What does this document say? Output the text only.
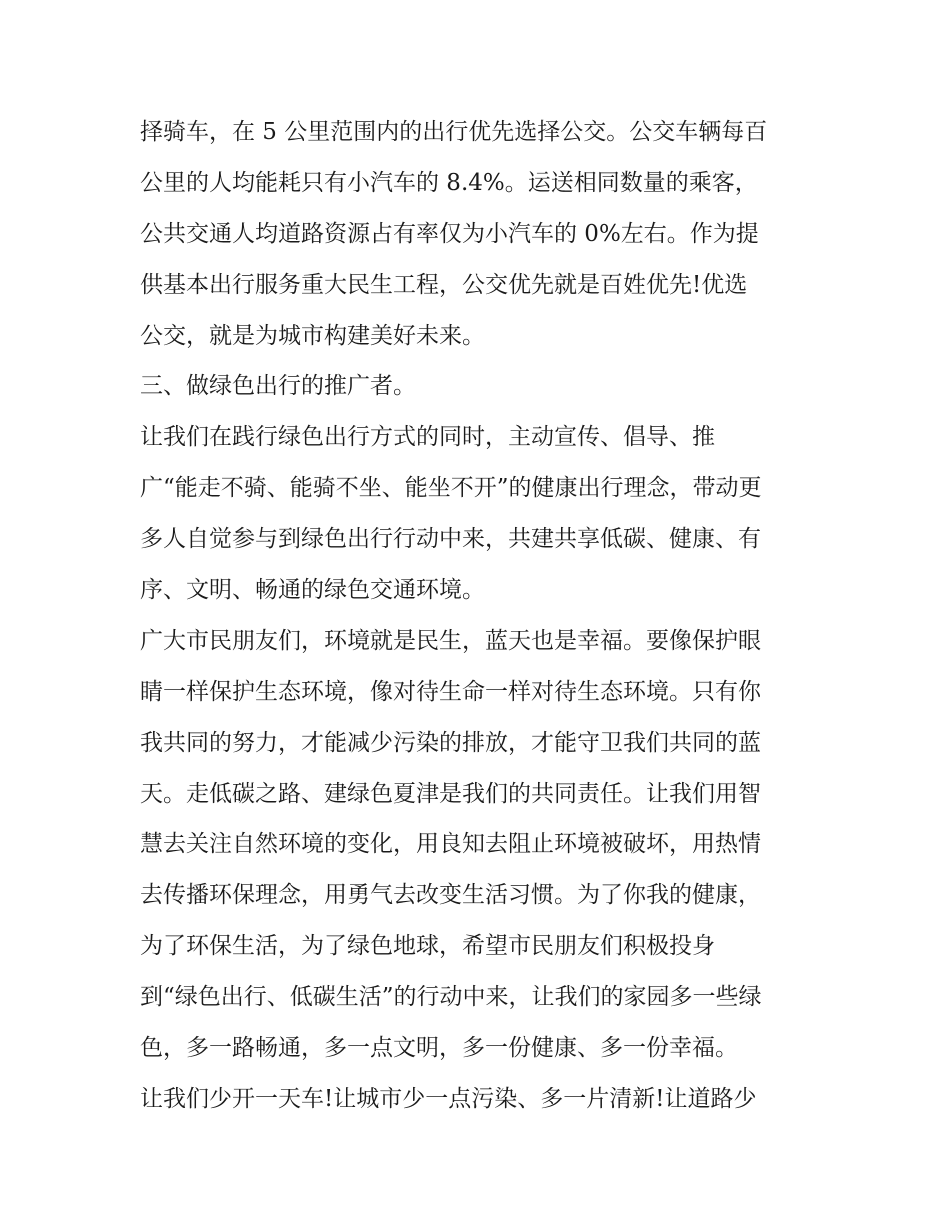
择骑车，在 5 公里范围内的出行优先选择公交。公交车辆每百
公里的人均能耗只有小汽车的 8.4%。运送相同数量的乘客，
公共交通人均道路资源占有率仅为小汽车的 0%左右。作为提
供基本出行服务重大民生工程，公交优先就是百姓优先!优选
公交，就是为城市构建美好未来。
三、做绿色出行的推广者。
让我们在践行绿色出行方式的同时，主动宣传、倡导、推
广“能走不骑、能骑不坐、能坐不开”的健康出行理念，带动更
多人自觉参与到绿色出行行动中来，共建共享低碳、健康、有
序、文明、畅通的绿色交通环境。
广大市民朋友们，环境就是民生，蓝天也是幸福。要像保护眼
睛一样保护生态环境，像对待生命一样对待生态环境。只有你
我共同的努力，才能减少污染的排放，才能守卫我们共同的蓝
天。走低碳之路、建绿色夏津是我们的共同责任。让我们用智
慧去关注自然环境的变化，用良知去阻止环境被破坏，用热情
去传播环保理念，用勇气去改变生活习惯。为了你我的健康，
为了环保生活，为了绿色地球，希望市民朋友们积极投身
到“绿色出行、低碳生活”的行动中来，让我们的家园多一些绿
色，多一路畅通，多一点文明，多一份健康、多一份幸福。
让我们少开一天车!让城市少一点污染、多一片清新!让道路少
